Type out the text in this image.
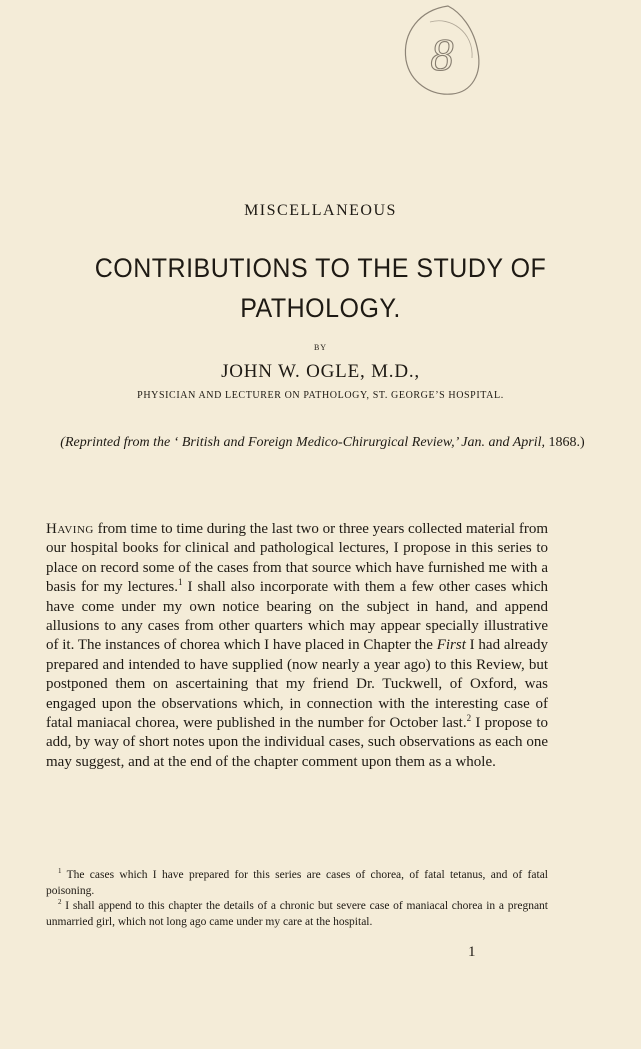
8
MISCELLANEOUS
CONTRIBUTIONS TO THE STUDY OF
PATHOLOGY.
BY
JOHN W. OGLE, M.D.,
PHYSICIAN AND LECTURER ON PATHOLOGY, ST. GEORGE’S HOSPITAL.
(Reprinted from the ‘ British and Foreign Medico-Chirurgical Review,’ Jan. and April, 1868.)

Having from time to time during the last two or three years collected material from our hospital books for clinical and pathological lectures, I propose in this series to place on record some of the cases from that source which have furnished me with a basis for my lectures.$^1$ I shall also incorporate with them a few other cases which have come under my own notice bearing on the subject in hand, and append allusions to any cases from other quarters which may appear specially illustrative of it. The instances of chorea which I have placed in Chapter the First I had already prepared and intended to have supplied (now nearly a year ago) to this Review, but postponed them on ascertaining that my friend Dr. Tuckwell, of Oxford, was engaged upon the observations which, in connection with the interesting case of fatal maniacal chorea, were published in the number for October last.$^2$ I propose to add, by way of short notes upon the individual cases, such observations as each one may suggest, and at the end of the chapter comment upon them as a whole.

$^1$ The cases which I have prepared for this series are cases of chorea, of fatal tetanus, and of fatal poisoning.

$^2$ I shall append to this chapter the details of a chronic but severe case of maniacal chorea in a pregnant unmarried girl, which not long ago came under my care at the hospital.

1
